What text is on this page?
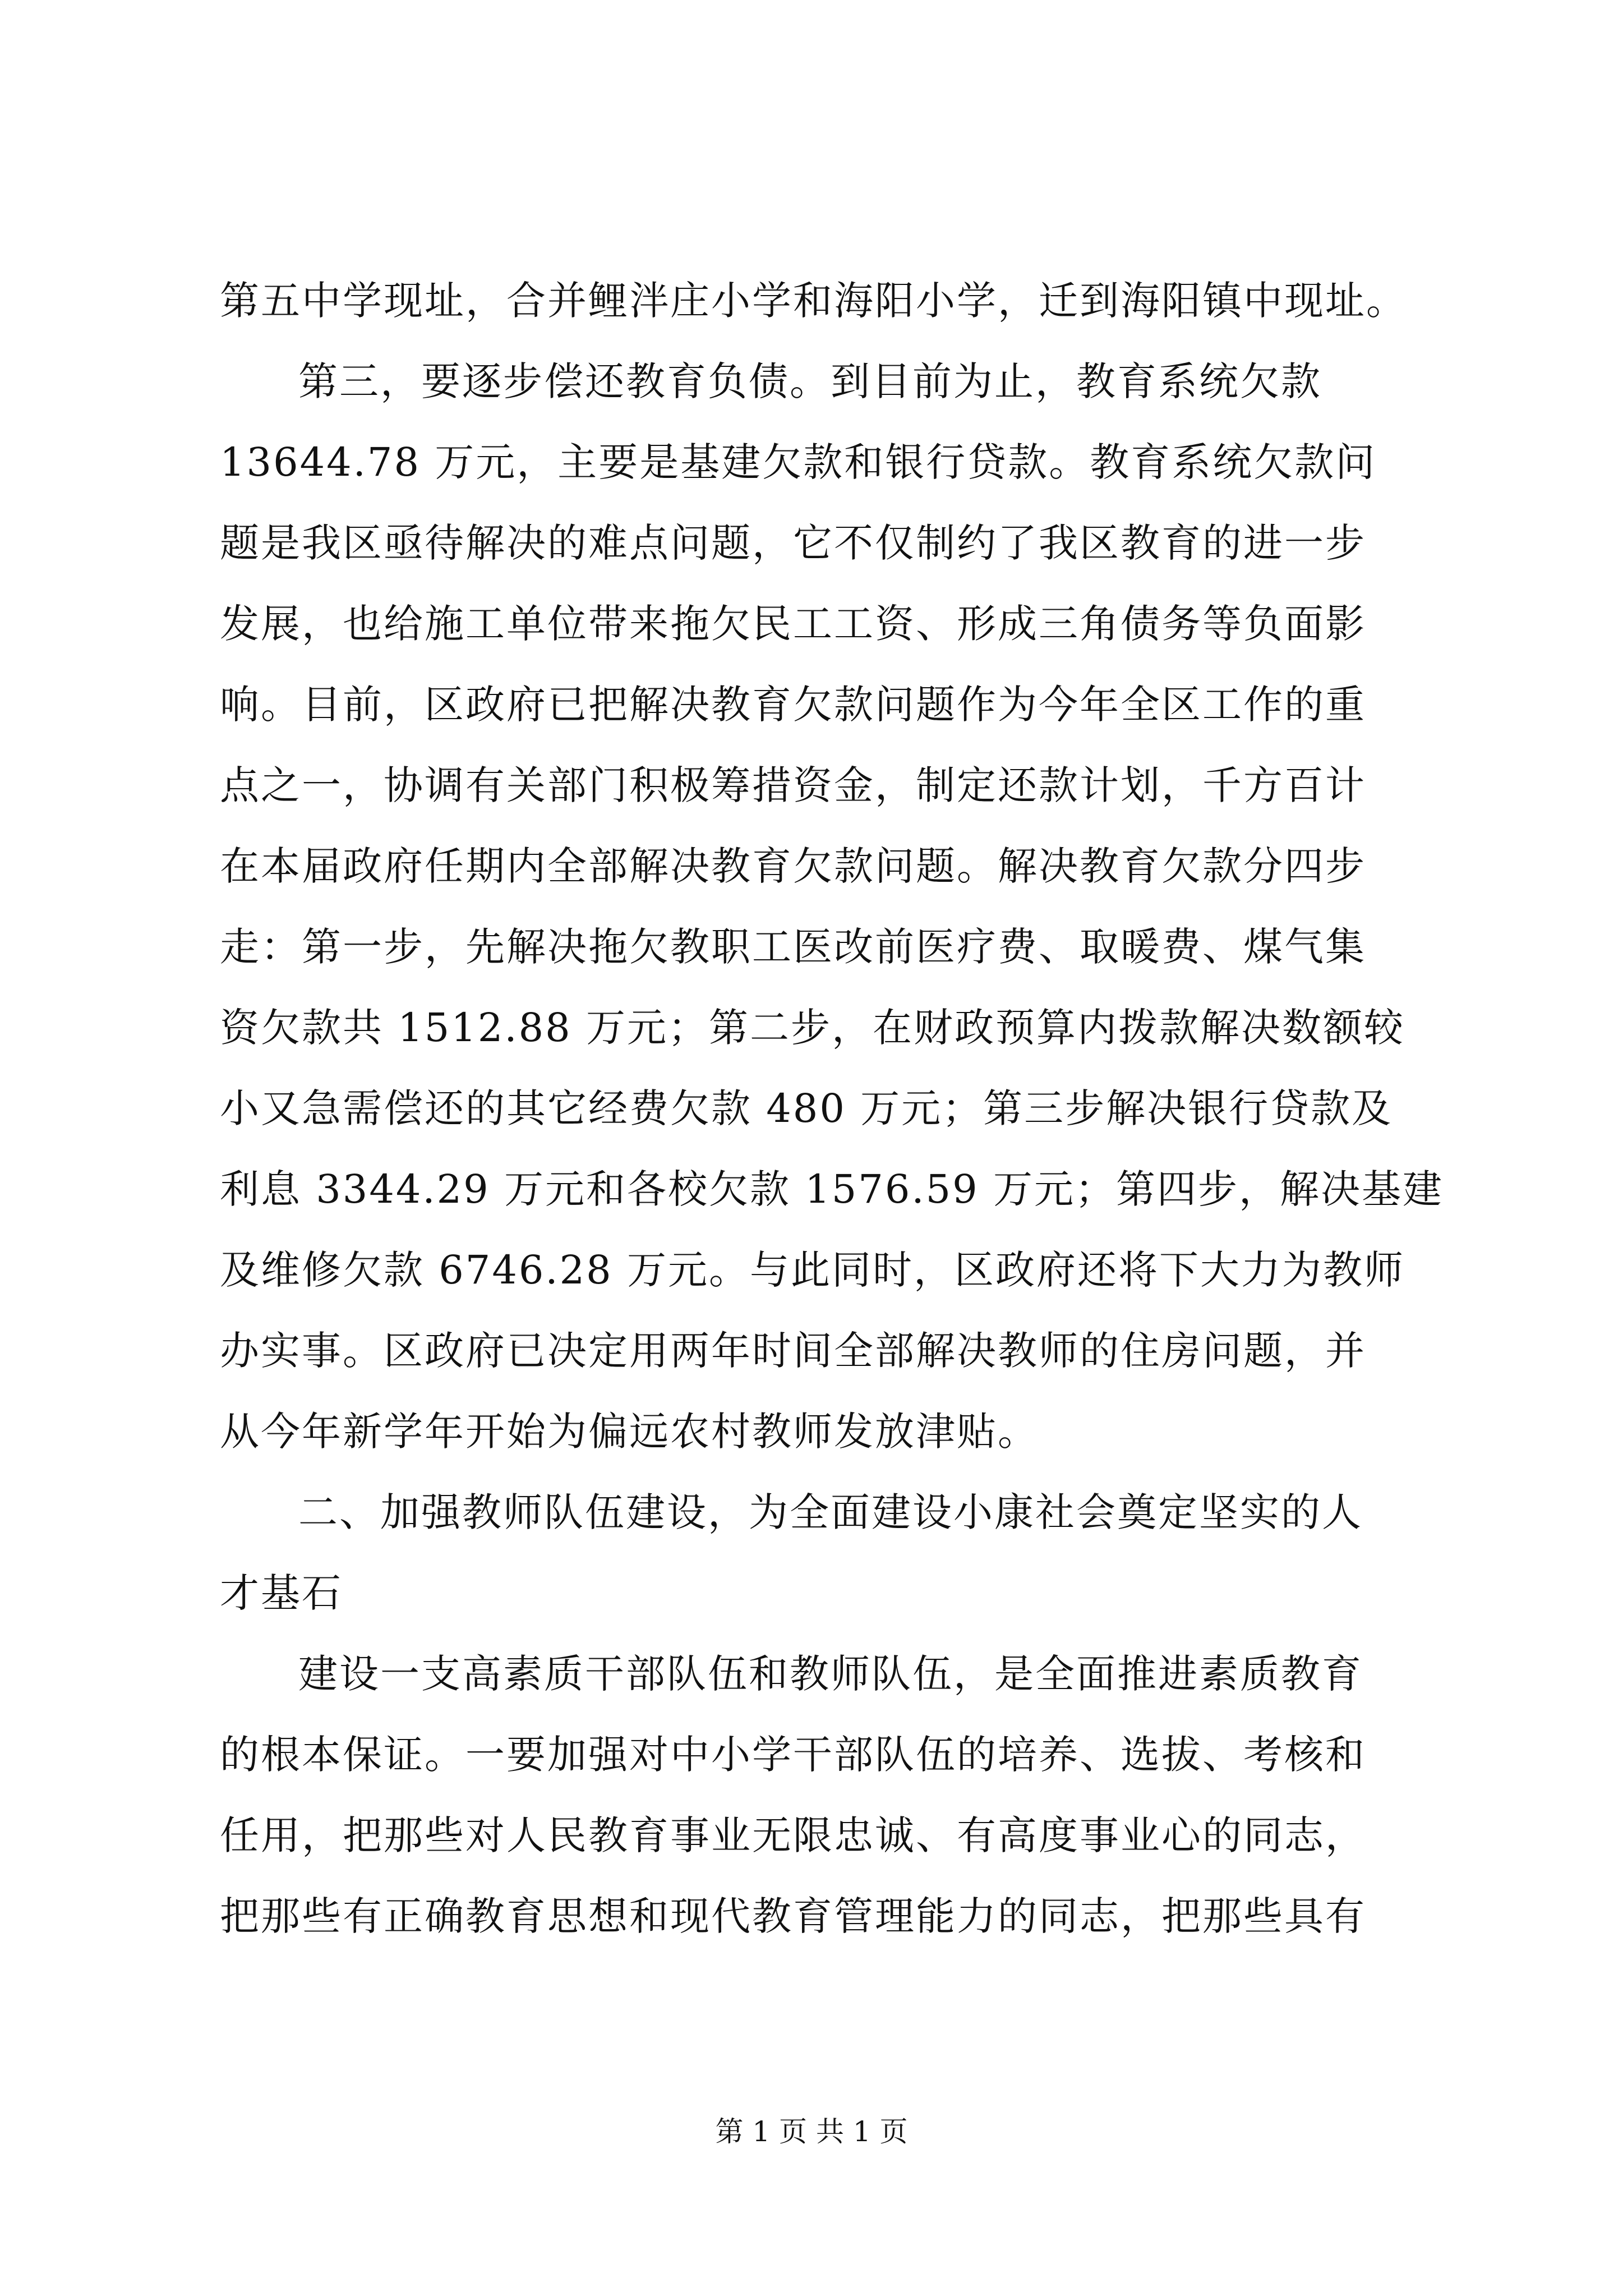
第五中学现址，合并鲤泮庄小学和海阳小学，迁到海阳镇中现址。
第三，要逐步偿还教育负债。到目前为止，教育系统欠款
13644.78 万元，主要是基建欠款和银行贷款。教育系统欠款问
题是我区亟待解决的难点问题，它不仅制约了我区教育的进一步
发展，也给施工单位带来拖欠民工工资、形成三角债务等负面影
响。目前，区政府已把解决教育欠款问题作为今年全区工作的重
点之一，协调有关部门积极筹措资金，制定还款计划，千方百计
在本届政府任期内全部解决教育欠款问题。解决教育欠款分四步
走：第一步，先解决拖欠教职工医改前医疗费、取暖费、煤气集
资欠款共 1512.88 万元；第二步，在财政预算内拨款解决数额较
小又急需偿还的其它经费欠款 480 万元；第三步解决银行贷款及
利息 3344.29 万元和各校欠款 1576.59 万元；第四步，解决基建
及维修欠款 6746.28 万元。与此同时，区政府还将下大力为教师
办实事。区政府已决定用两年时间全部解决教师的住房问题，并
从今年新学年开始为偏远农村教师发放津贴。
二、加强教师队伍建设，为全面建设小康社会奠定坚实的人
才基石
建设一支高素质干部队伍和教师队伍，是全面推进素质教育
的根本保证。一要加强对中小学干部队伍的培养、选拔、考核和
任用，把那些对人民教育事业无限忠诚、有高度事业心的同志，
把那些有正确教育思想和现代教育管理能力的同志，把那些具有
第 1 页 共 1 页
